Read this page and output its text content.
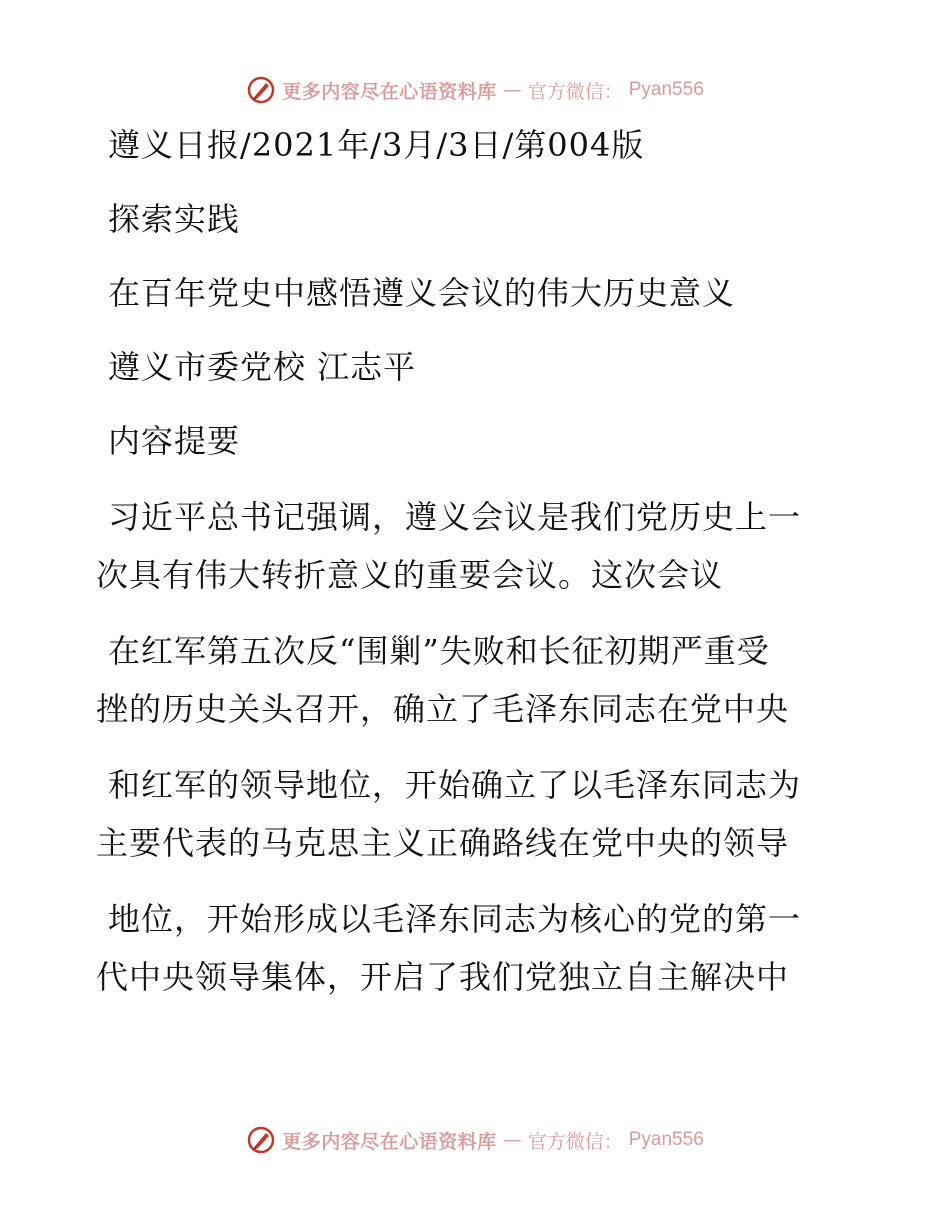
更多内容尽在心语资料库 — 官方微信： Pyan556
遵义日报/2021年/3月/3日/第004版
探索实践
在百年党史中感悟遵义会议的伟大历史意义
遵义市委党校 江志平
内容提要
习近平总书记强调，遵义会议是我们党历史上一
次具有伟大转折意义的重要会议。这次会议
在红军第五次反“围剿”失败和长征初期严重受
挫的历史关头召开，确立了毛泽东同志在党中央
和红军的领导地位，开始确立了以毛泽东同志为
主要代表的马克思主义正确路线在党中央的领导
地位，开始形成以毛泽东同志为核心的党的第一
代中央领导集体，开启了我们党独立自主解决中
更多内容尽在心语资料库 — 官方微信： Pyan556
